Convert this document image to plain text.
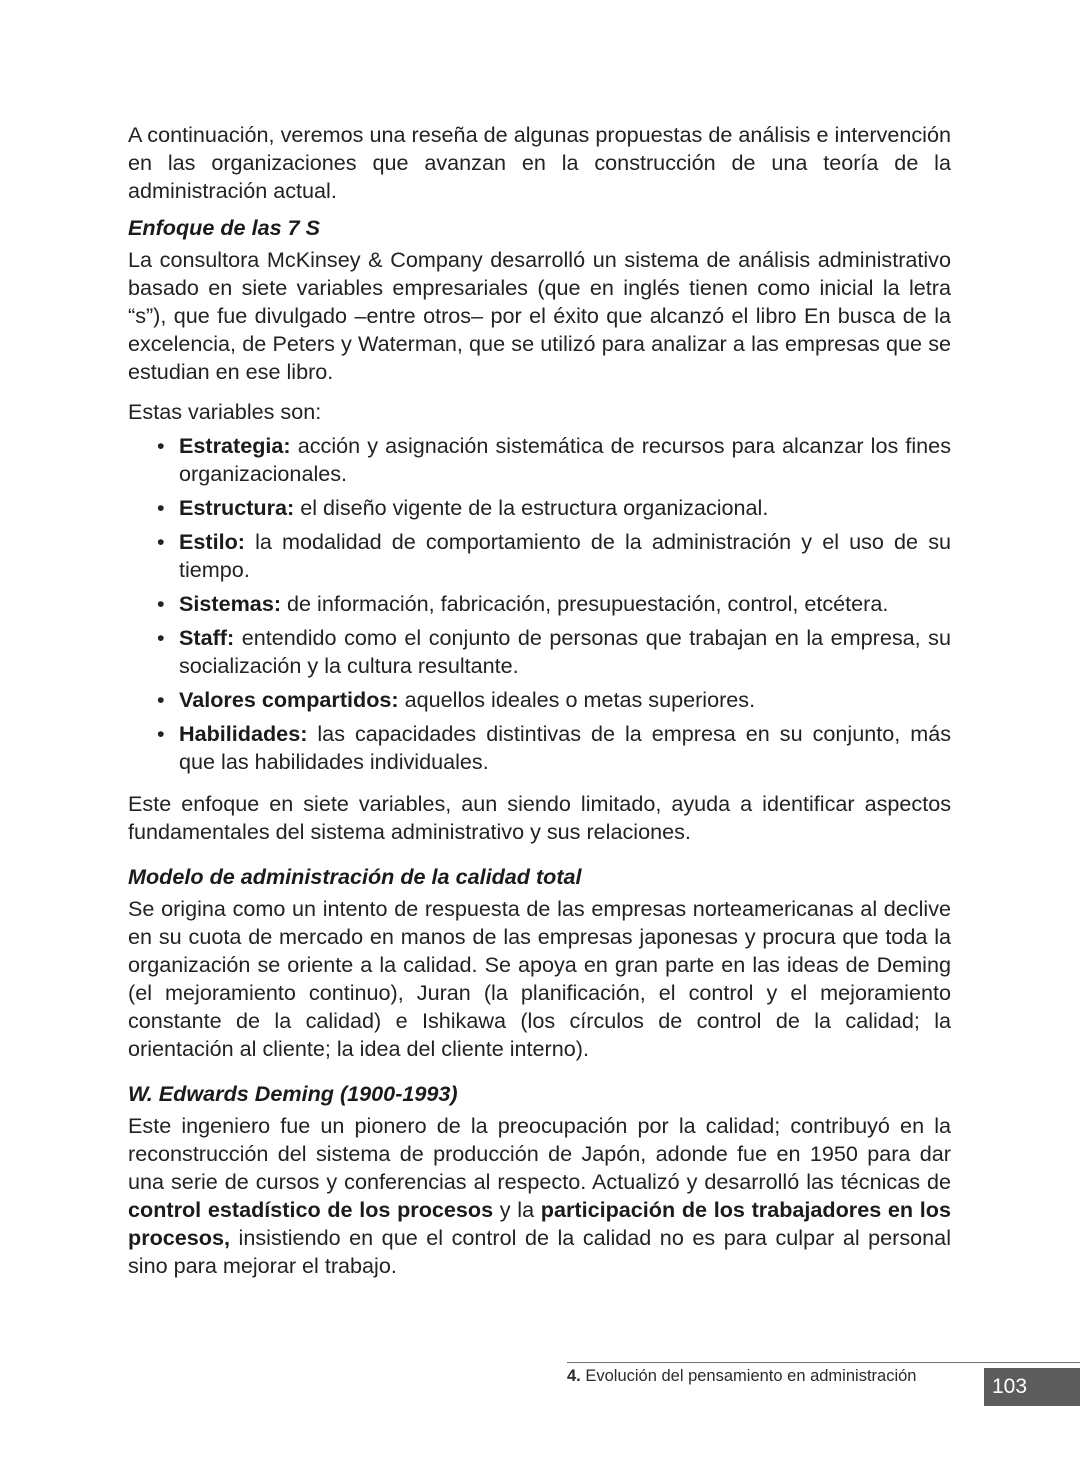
A continuación, veremos una reseña de algunas propuestas de análisis e intervención en las organizaciones que avanzan en la construcción de una teoría de la administración actual.

Enfoque de las 7 S

La consultora McKinsey & Company desarrolló un sistema de análisis administrativo basado en siete variables empresariales (que en inglés tienen como inicial la letra “s”), que fue divulgado –entre otros– por el éxito que alcanzó el libro En busca de la excelencia, de Peters y Waterman, que se utilizó para analizar a las empresas que se estudian en ese libro.

Estas variables son:

• Estrategia: acción y asignación sistemática de recursos para alcanzar los fines organizacionales.
• Estructura: el diseño vigente de la estructura organizacional.
• Estilo: la modalidad de comportamiento de la administración y el uso de su tiempo.
• Sistemas: de información, fabricación, presupuestación, control, etcétera.
• Staff: entendido como el conjunto de personas que trabajan en la empresa, su socialización y la cultura resultante.
• Valores compartidos: aquellos ideales o metas superiores.
• Habilidades: las capacidades distintivas de la empresa en su conjunto, más que las habilidades individuales.

Este enfoque en siete variables, aun siendo limitado, ayuda a identificar aspectos fundamentales del sistema administrativo y sus relaciones.

Modelo de administración de la calidad total

Se origina como un intento de respuesta de las empresas norteamericanas al declive en su cuota de mercado en manos de las empresas japonesas y procura que toda la organización se oriente a la calidad. Se apoya en gran parte en las ideas de Deming (el mejoramiento continuo), Juran (la planificación, el control y el mejoramiento constante de la calidad) e Ishikawa (los círculos de control de la calidad; la orientación al cliente; la idea del cliente interno).

W. Edwards Deming (1900-1993)

Este ingeniero fue un pionero de la preocupación por la calidad; contribuyó en la reconstrucción del sistema de producción de Japón, adonde fue en 1950 para dar una serie de cursos y conferencias al respecto. Actualizó y desarrolló las técnicas de control estadístico de los procesos y la participación de los trabajadores en los procesos, insistiendo en que el control de la calidad no es para culpar al personal sino para mejorar el trabajo.

4. Evolución del pensamiento en administración	103
